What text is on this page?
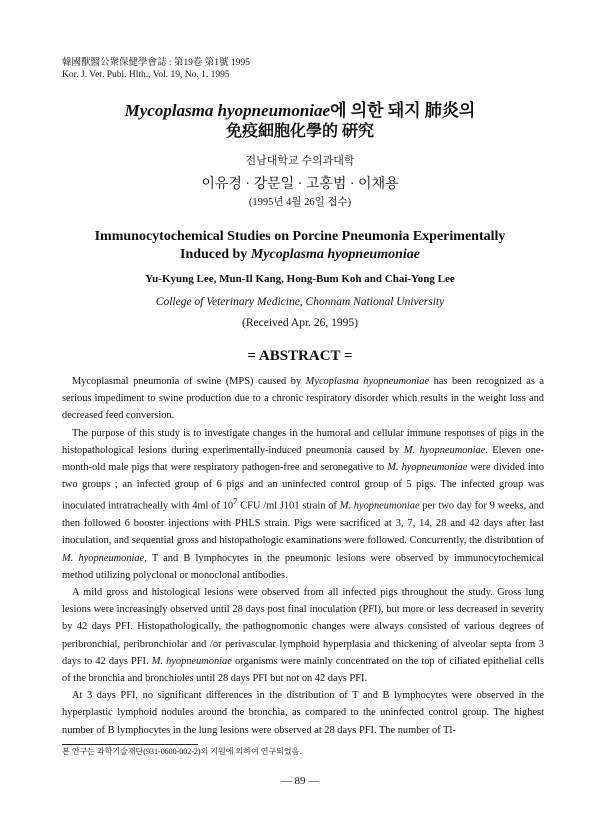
韓國獸醫公衆保健學會誌 : 第19卷 第1號 1995
Kor. J. Vet. Publ. Hlth., Vol. 19, No. 1. 1995
Mycoplasma hyopneumoniae에 의한 돼지 肺炎의
免疫細胞化學的 硏究
전남대학교 수의과대학
이유경 · 강문일 · 고홍범 · 이채용
(1995년 4월 26일 접수)
Immunocytochemical Studies on Porcine Pneumonia Experimentally
Induced by Mycoplasma hyopneumoniae
Yu-Kyung Lee, Mun-Il Kang, Hong-Bum Koh and Chai-Yong Lee
College of Veterinary Medicine, Chonnam National University
(Received Apr. 26, 1995)
= ABSTRACT =

Mycoplasmal pneumonia of swine (MPS) caused by Mycoplasma hyopneumoniae has been recognized as a serious impediment to swine production due to a chronic respiratory disorder which results in the weight loss and decreased feed conversion.

The purpose of this study is to investigate changes in the humoral and cellular immune responses of pigs in the histopathological lesions during experimentally-induced pneumonia caused by M. hyopneumoniae. Eleven one-month-old male pigs that were respiratory pathogen-free and seronegative to M. hyopneumoniae were divided into two groups ; an infected group of 6 pigs and an uninfected control group of 5 pigs. The infected group was inoculated intratracheally with 4ml of $10^7$ CFU /ml J101 strain of M. hyopneumoniae per two day for 9 weeks, and then followed 6 booster injections with PHLS strain. Pigs were sacrificed at 3, 7, 14, 28 and 42 days after last inoculation, and sequential gross and histopathologic examinations were followed. Concurrently, the distribution of M. hyopneumoniae, T and B lymphocytes in the pneumonic lesions were observed by immunocytochemical method utilizing polyclonal or monoclonal antibodies.

A mild gross and histological lesions were observed from all infected pigs throughout the study. Gross lung lesions were increasingly observed until 28 days post final inoculation (PFI), but more or less decreased in severity by 42 days PFI. Histopathologically, the pathognomonic changes were always consisted of various degrees of peribronchial, peribronchiolar and /or perivascular lymphoid hyperplasia and thickening of alveolar septa from 3 days to 42 days PFI. M. hyopneumoniae organisms were mainly concentrated on the top of ciliated epithelial cells of the bronchia and bronchioles until 28 days PFI but not on 42 days PFI.

At 3 days PFI, no significant differences in the distribution of T and B lymphocytes were observed in the hyperplastic lymphoid nodules around the bronchia, as compared to the uninfected control group. The highest number of B lymphocytes in the lung lesions were observed at 28 days PFI. The number of Tl-

본 연구는 과학기술재단(931-0600-002-2)의 지원에 의하여 연구되었음.
— 89 —
